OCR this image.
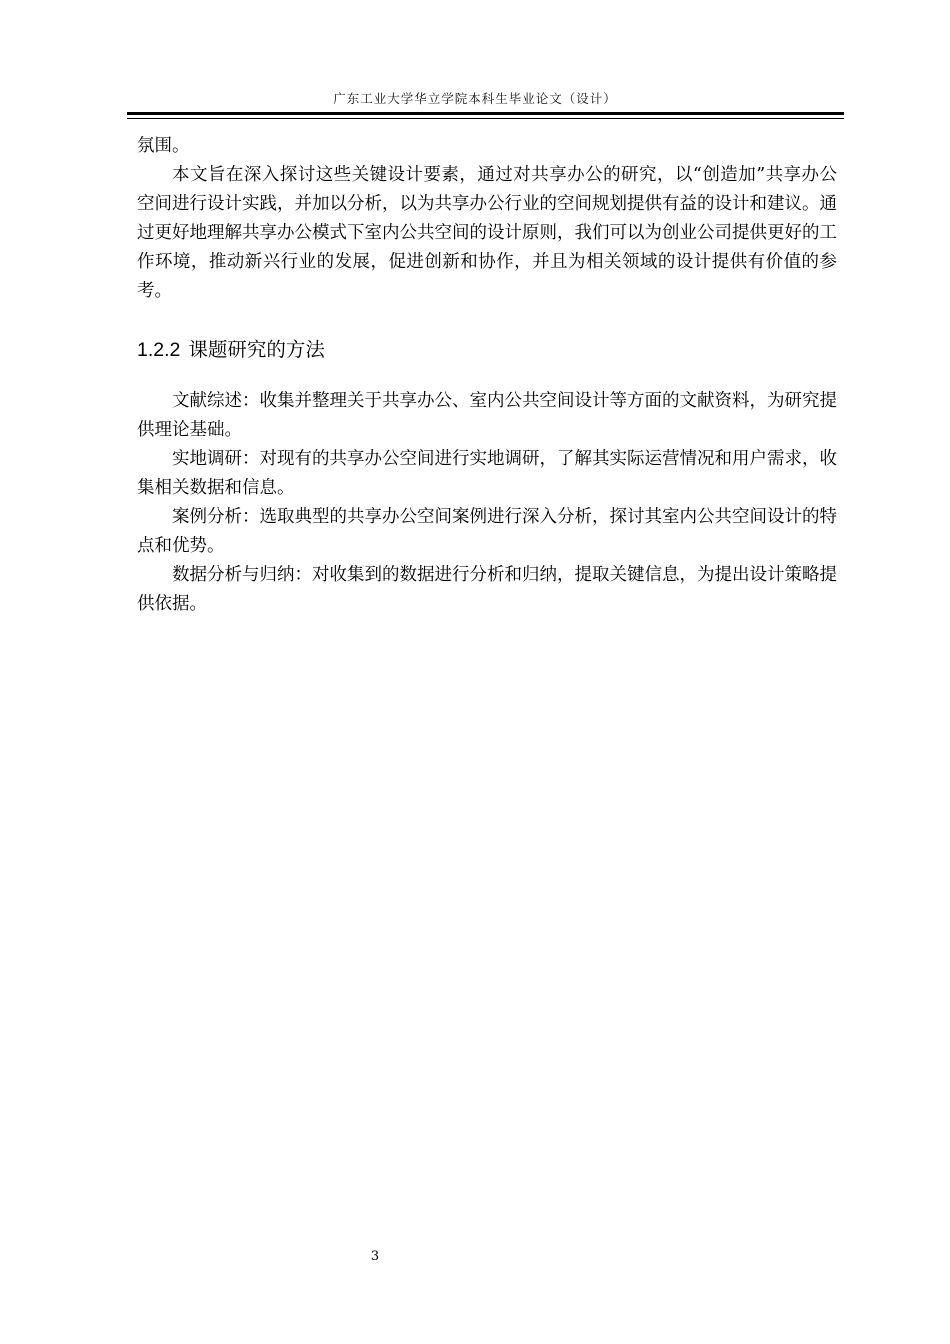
广东工业大学华立学院本科生毕业论文（设计）

氛围。

本文旨在深入探讨这些关键设计要素，通过对共享办公的研究，以“创造加”共享办公空间进行设计实践，并加以分析，以为共享办公行业的空间规划提供有益的设计和建议。通过更好地理解共享办公模式下室内公共空间的设计原则，我们可以为创业公司提供更好的工作环境，推动新兴行业的发展，促进创新和协作，并且为相关领域的设计提供有价值的参考。

1.2.2 课题研究的方法

文献综述：收集并整理关于共享办公、室内公共空间设计等方面的文献资料，为研究提供理论基础。

实地调研：对现有的共享办公空间进行实地调研，了解其实际运营情况和用户需求，收集相关数据和信息。

案例分析：选取典型的共享办公空间案例进行深入分析，探讨其室内公共空间设计的特点和优势。

数据分析与归纳：对收集到的数据进行分析和归纳，提取关键信息，为提出设计策略提供依据。

3
